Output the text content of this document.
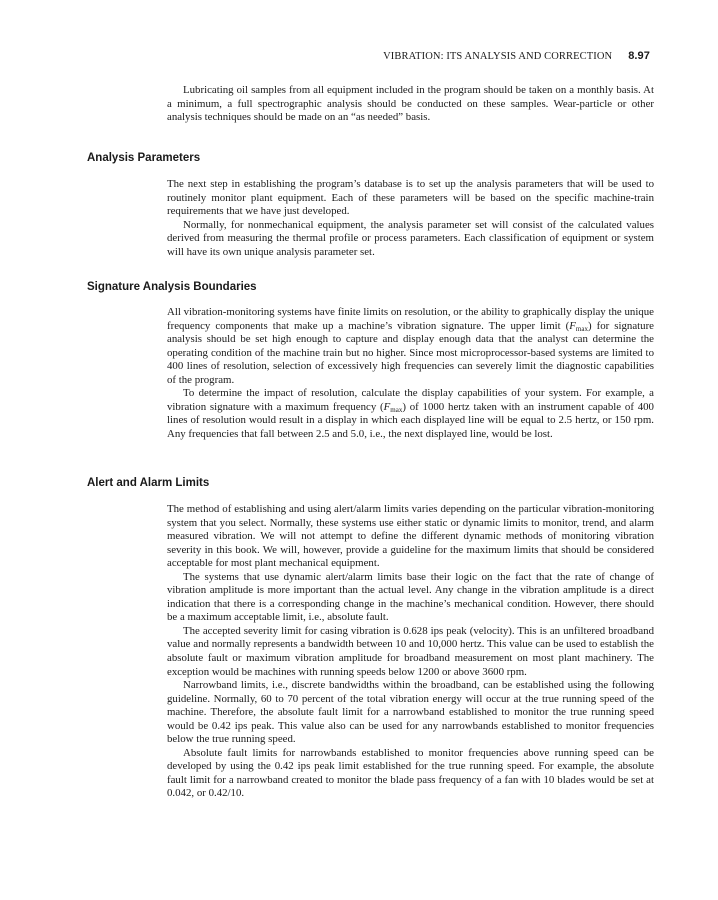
VIBRATION: ITS ANALYSIS AND CORRECTION 8.97

Lubricating oil samples from all equipment included in the program should be taken on a monthly basis. At a minimum, a full spectrographic analysis should be conducted on these samples. Wear-particle or other analysis techniques should be made on an “as needed” basis.

Analysis Parameters

The next step in establishing the program’s database is to set up the analysis parameters that will be used to routinely monitor plant equipment. Each of these parameters will be based on the specific machine-train requirements that we have just developed.

Normally, for nonmechanical equipment, the analysis parameter set will consist of the calculated values derived from measuring the thermal profile or process parameters. Each classification of equipment or system will have its own unique analysis parameter set.

Signature Analysis Boundaries

All vibration-monitoring systems have finite limits on resolution, or the ability to graphically display the unique frequency components that make up a machine’s vibration signature. The upper limit $(F_{max})$ for signature analysis should be set high enough to capture and display enough data that the analyst can determine the operating condition of the machine train but no higher. Since most microprocessor-based systems are limited to 400 lines of resolution, selection of excessively high frequencies can severely limit the diagnostic capabilities of the program.

To determine the impact of resolution, calculate the display capabilities of your system. For example, a vibration signature with a maximum frequency $(F_{max})$ of 1000 hertz taken with an instrument capable of 400 lines of resolution would result in a display in which each displayed line will be equal to 2.5 hertz, or 150 rpm. Any frequencies that fall between 2.5 and 5.0, i.e., the next displayed line, would be lost.

Alert and Alarm Limits

The method of establishing and using alert/alarm limits varies depending on the particular vibration-monitoring system that you select. Normally, these systems use either static or dynamic limits to monitor, trend, and alarm measured vibration. We will not attempt to define the different dynamic methods of monitoring vibration severity in this book. We will, however, provide a guideline for the maximum limits that should be considered acceptable for most plant mechanical equipment.

The systems that use dynamic alert/alarm limits base their logic on the fact that the rate of change of vibration amplitude is more important than the actual level. Any change in the vibration amplitude is a direct indication that there is a corresponding change in the machine’s mechanical condition. However, there should be a maximum acceptable limit, i.e., absolute fault.

The accepted severity limit for casing vibration is 0.628 ips peak (velocity). This is an unfiltered broadband value and normally represents a bandwidth between 10 and 10,000 hertz. This value can be used to establish the absolute fault or maximum vibration amplitude for broadband measurement on most plant machinery. The exception would be machines with running speeds below 1200 or above 3600 rpm.

Narrowband limits, i.e., discrete bandwidths within the broadband, can be established using the following guideline. Normally, 60 to 70 percent of the total vibration energy will occur at the true running speed of the machine. Therefore, the absolute fault limit for a narrowband established to monitor the true running speed would be 0.42 ips peak. This value also can be used for any narrowbands established to monitor frequencies below the true running speed.

Absolute fault limits for narrowbands established to monitor frequencies above running speed can be developed by using the 0.42 ips peak limit established for the true running speed. For example, the absolute fault limit for a narrowband created to monitor the blade pass frequency of a fan with 10 blades would be set at 0.042, or 0.42/10.
